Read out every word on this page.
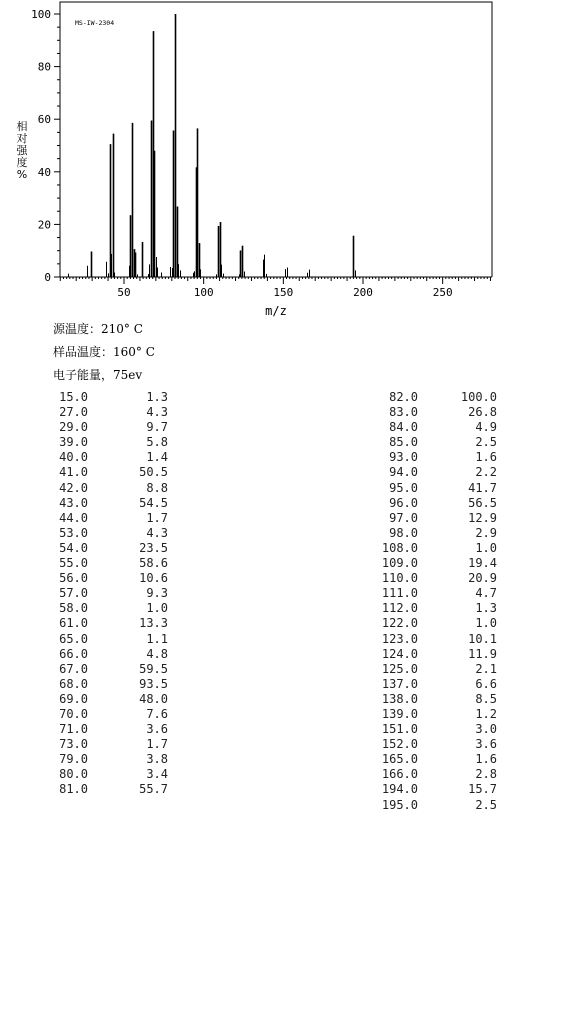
0
20
40
60
80
100
50	100	150	200	250
MS-IW-2304
m/z
相对强度%
源温度：210° C
样品温度：160° C
电子能量，75ev
15.0	1.3
27.0	4.3
29.0	9.7
39.0	5.8
40.0	1.4
41.0	50.5
42.0	8.8
43.0	54.5
44.0	1.7
53.0	4.3
54.0	23.5
55.0	58.6
56.0	10.6
57.0	9.3
58.0	1.0
61.0	13.3
65.0	1.1
66.0	4.8
67.0	59.5
68.0	93.5
69.0	48.0
70.0	7.6
71.0	3.6
73.0	1.7
79.0	3.8
80.0	3.4
81.0	55.7
82.0	100.0
83.0	26.8
84.0	4.9
85.0	2.5
93.0	1.6
94.0	2.2
95.0	41.7
96.0	56.5
97.0	12.9
98.0	2.9
108.0	1.0
109.0	19.4
110.0	20.9
111.0	4.7
112.0	1.3
122.0	1.0
123.0	10.1
124.0	11.9
125.0	2.1
137.0	6.6
138.0	8.5
139.0	1.2
151.0	3.0
152.0	3.6
165.0	1.6
166.0	2.8
194.0	15.7
195.0	2.5
